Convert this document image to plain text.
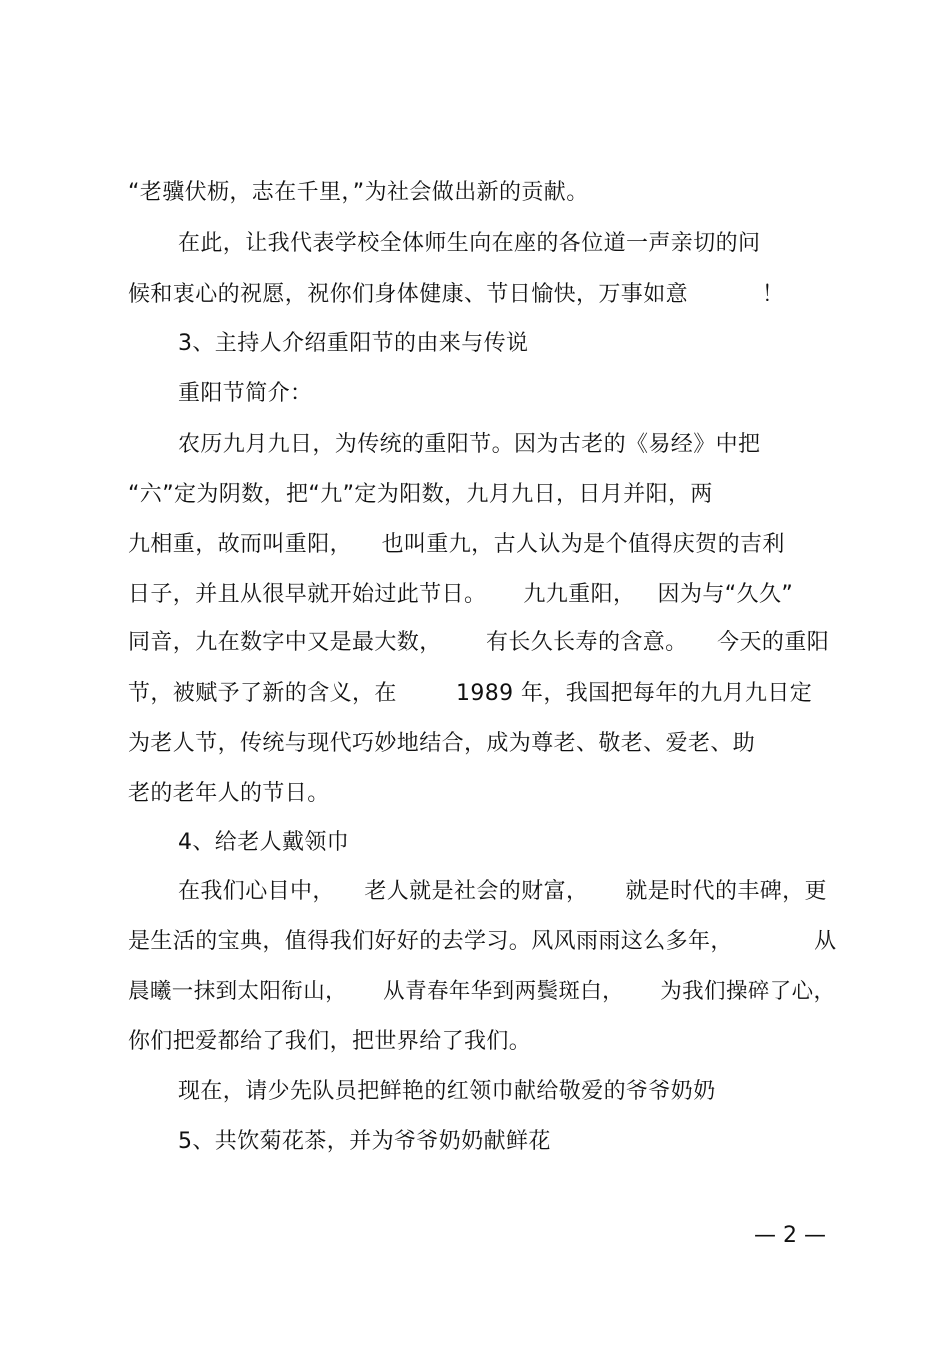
“老骥伏枥，志在千里，”为社会做出新的贡献。
在此，让我代表学校全体师生向在座的各位道一声亲切的问
候和衷心的祝愿，祝你们身体健康、节日愉快，万事如意          ！
3、主持人介绍重阳节的由来与传说
重阳节简介：
农历九月九日，为传统的重阳节。因为古老的《易经》中把
“六”定为阴数，把“九”定为阳数，九月九日，日月并阳，两
九相重，故而叫重阳，    也叫重九，古人认为是个值得庆贺的吉利
日子，并且从很早就开始过此节日。     九九重阳，   因为与“久久”
同音，九在数字中又是最大数，      有长久长寿的含意。    今天的重阳
节，被赋予了新的含义，在        1989 年，我国把每年的九月九日定
为老人节，传统与现代巧妙地结合，成为尊老、敬老、爱老、助
老的老年人的节日。
4、给老人戴领巾
在我们心目中，    老人就是社会的财富，     就是时代的丰碑，更
是生活的宝典，值得我们好好的去学习。风风雨雨这么多年，           从
晨曦一抹到太阳衔山，     从青春年华到两鬓斑白，     为我们操碎了心，
你们把爱都给了我们，把世界给了我们。
现在，请少先队员把鲜艳的红领巾献给敬爱的爷爷奶奶
5、共饮菊花茶，并为爷爷奶奶献鲜花
— 2 —
